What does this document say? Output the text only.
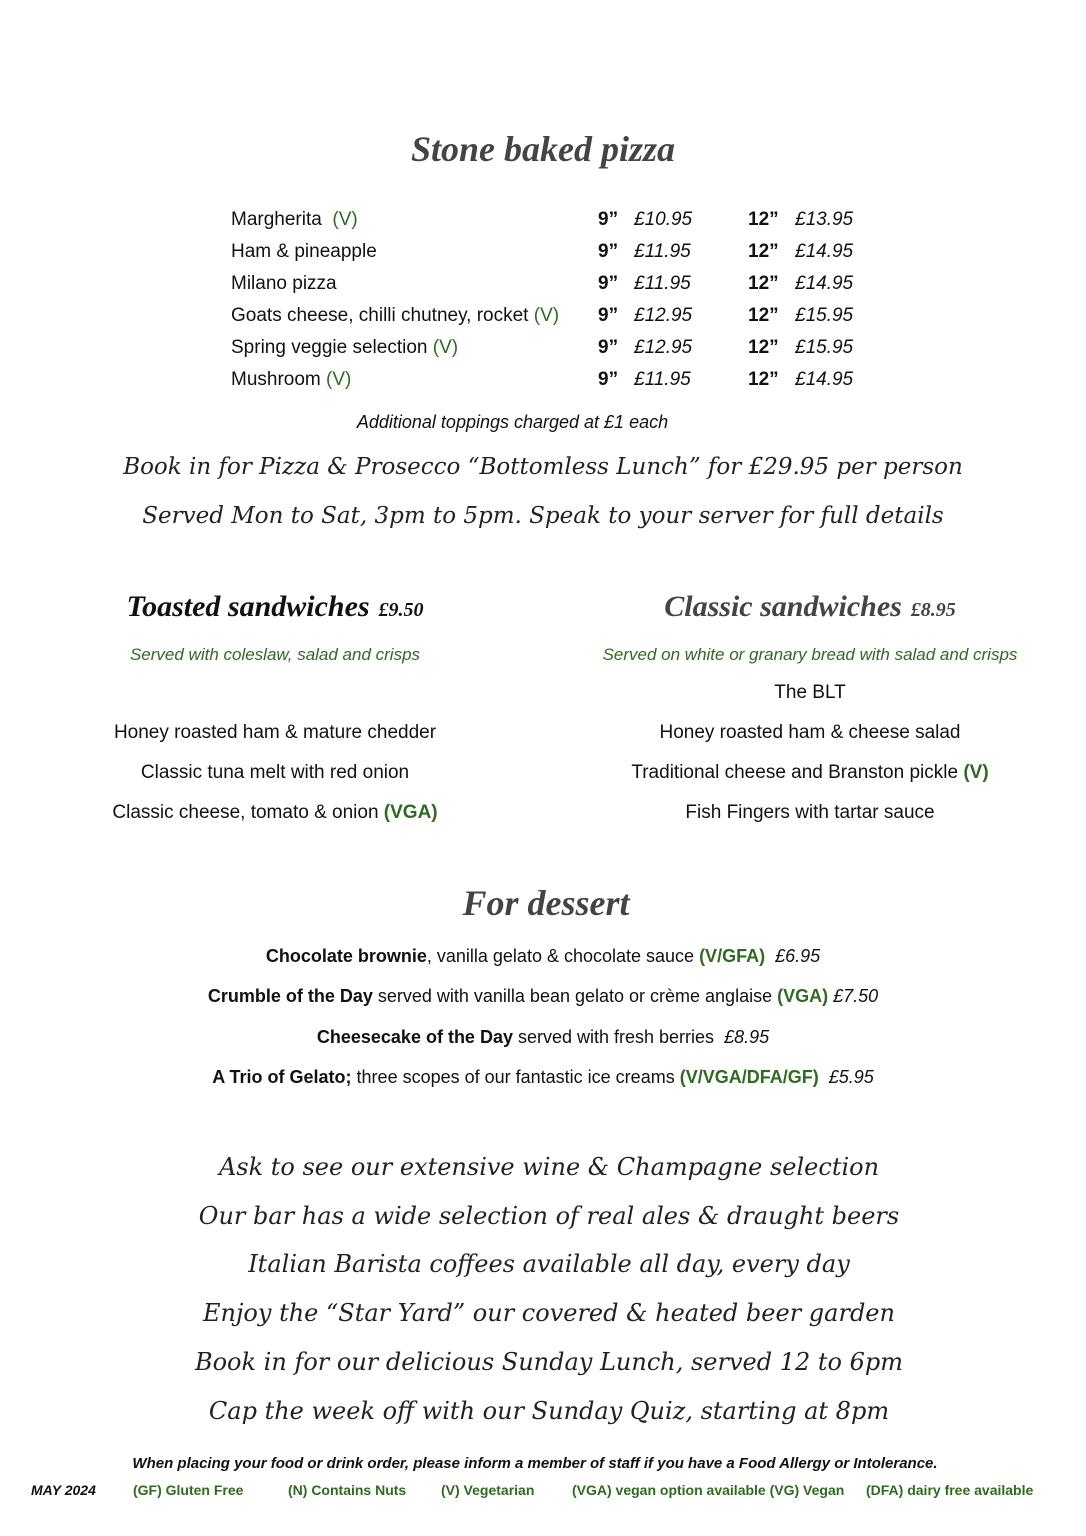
Stone baked pizza
Margherita (V)	9” £10.95	12” £13.95
Ham & pineapple	9” £11.95	12” £14.95
Milano pizza	9” £11.95	12” £14.95
Goats cheese, chilli chutney, rocket (V) 9” £12.95	12” £15.95
Spring veggie selection (V)	9” £12.95	12” £15.95
Mushroom (V)	9” £11.95	12” £14.95
Additional toppings charged at £1 each
Book in for Pizza & Prosecco “Bottomless Lunch” for £29.95 per person
Served Mon to Sat, 3pm to 5pm. Speak to your server for full details
Toasted sandwiches £9.50
Served with coleslaw, salad and crisps
Honey roasted ham & mature chedder
Classic tuna melt with red onion
Classic cheese, tomato & onion (VGA)
Classic sandwiches £8.95
Served on white or granary bread with salad and crisps
The BLT
Honey roasted ham & cheese salad
Traditional cheese and Branston pickle (V)
Fish Fingers with tartar sauce
For dessert
Chocolate brownie, vanilla gelato & chocolate sauce (V/GFA) £6.95
Crumble of the Day served with vanilla bean gelato or crème anglaise (VGA) £7.50
Cheesecake of the Day served with fresh berries £8.95
A Trio of Gelato; three scopes of our fantastic ice creams (V/VGA/DFA/GF) £5.95
Ask to see our extensive wine & Champagne selection
Our bar has a wide selection of real ales & draught beers
Italian Barista coffees available all day, every day
Enjoy the “Star Yard” our covered & heated beer garden
Book in for our delicious Sunday Lunch, served 12 to 6pm
Cap the week off with our Sunday Quiz, starting at 8pm
When placing your food or drink order, please inform a member of staff if you have a Food Allergy or Intolerance.
MAY 2024	(GF) Gluten Free	(N) Contains Nuts (V) Vegetarian	(VGA) vegan option available (VG) Vegan (DFA) dairy free available
